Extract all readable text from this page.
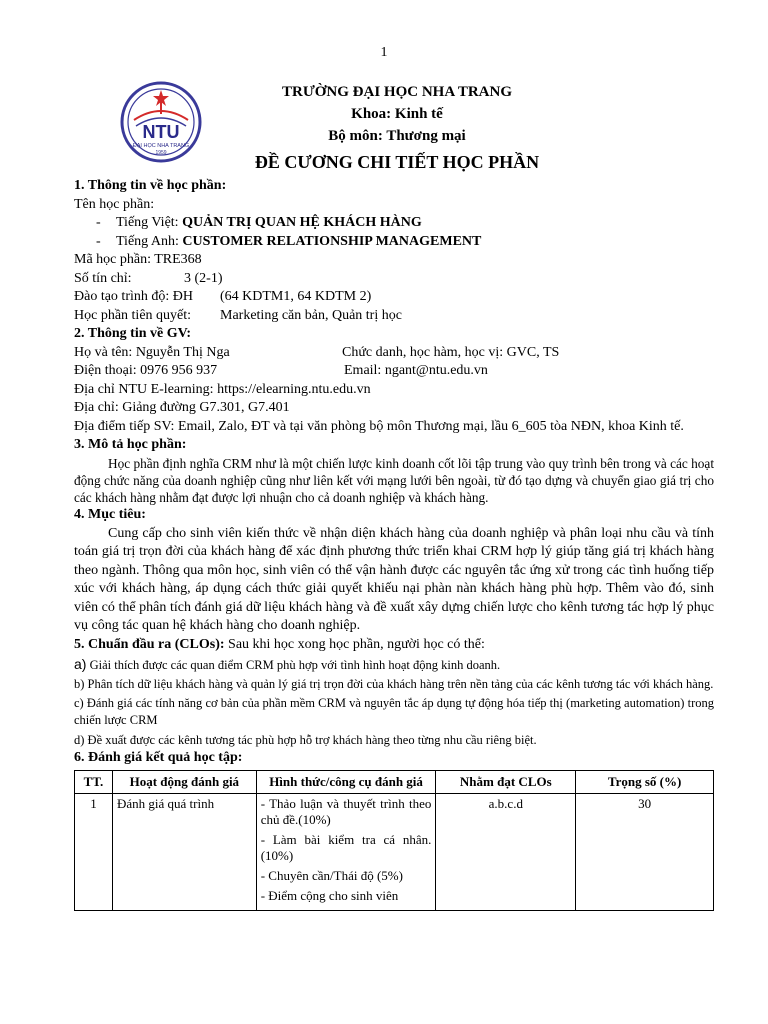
1
NTU
ĐẠI HỌC NHA TRANG
1959
TRƯỜNG ĐẠI HỌC NHA TRANG
Khoa: Kinh tế
Bộ môn: Thương mại
ĐỀ CƯƠNG CHI TIẾT HỌC PHẦN

1. Thông tin về học phần:

Tên học phần:

- Tiếng Việt: QUẢN TRỊ QUAN HỆ KHÁCH HÀNG

- Tiếng Anh: CUSTOMER RELATIONSHIP MANAGEMENT

Mã học phần: TRE368

Số tín chỉ:	3 (2-1)

Đào tạo trình độ: ĐH (64 KDTM1, 64 KDTM 2)

Học phần tiên quyết: Marketing căn bản, Quản trị học

2. Thông tin về GV:

Họ và tên: Nguyễn Thị Nga	Chức danh, học hàm, học vị: GVC, TS
Điện thoại: 0976 956 937	Email: ngant@ntu.edu.vn

Địa chỉ NTU E-learning: https://elearning.ntu.edu.vn

Địa chỉ: Giảng đường G7.301, G7.401

Địa điểm tiếp SV: Email, Zalo, ĐT và tại văn phòng bộ môn Thương mại, lầu 6_605 tòa NĐN, khoa Kinh tế.

3. Mô tả học phần:

Học phần định nghĩa CRM như là một chiến lược kinh doanh cốt lõi tập trung vào quy trình bên trong và các hoạt động chức năng của doanh nghiệp cũng như liên kết với mạng lưới bên ngoài, từ đó tạo dựng và chuyển giao giá trị cho các khách hàng nhằm đạt được lợi nhuận cho cả doanh nghiệp và khách hàng.

4. Mục tiêu:

Cung cấp cho sinh viên kiến thức về nhận diện khách hàng của doanh nghiệp và phân loại nhu cầu và tính toán giá trị trọn đời của khách hàng để xác định phương thức triển khai CRM hợp lý giúp tăng giá trị khách hàng theo ngành. Thông qua môn học, sinh viên có thể vận hành được các nguyên tắc ứng xử trong các tình huống tiếp xúc với khách hàng, áp dụng cách thức giải quyết khiếu nại phàn nàn khách hàng phù hợp. Thêm vào đó, sinh viên có thể phân tích đánh giá dữ liệu khách hàng và đề xuất xây dựng chiến lược cho kênh tương tác hợp lý phục vụ công tác quan hệ khách hàng cho doanh nghiệp.

5. Chuẩn đầu ra (CLOs): Sau khi học xong học phần, người học có thể:

a) Giải thích được các quan điểm CRM phù hợp với tình hình hoạt động kinh doanh.

b) Phân tích dữ liệu khách hàng và quản lý giá trị trọn đời của khách hàng trên nền tảng của các kênh tương tác với khách hàng.

c) Đánh giá các tính năng cơ bản của phần mềm CRM và nguyên tắc áp dụng tự động hóa tiếp thị (marketing automation) trong chiến lược CRM

d) Đề xuất được các kênh tương tác phù hợp hỗ trợ khách hàng theo từng nhu cầu riêng biệt.

6. Đánh giá kết quả học tập:

TT.	Hoạt động đánh giá	Hình thức/công cụ đánh giá	Nhằm đạt CLOs	Trọng số (%)
1	Đánh giá quá trình	- Thảo luận và thuyết trình theo chủ đề.(10%)
- Làm bài kiểm tra cá nhân.(10%)
- Chuyên cần/Thái độ (5%)
- Điểm cộng cho sinh viên	a.b.c.d	30
